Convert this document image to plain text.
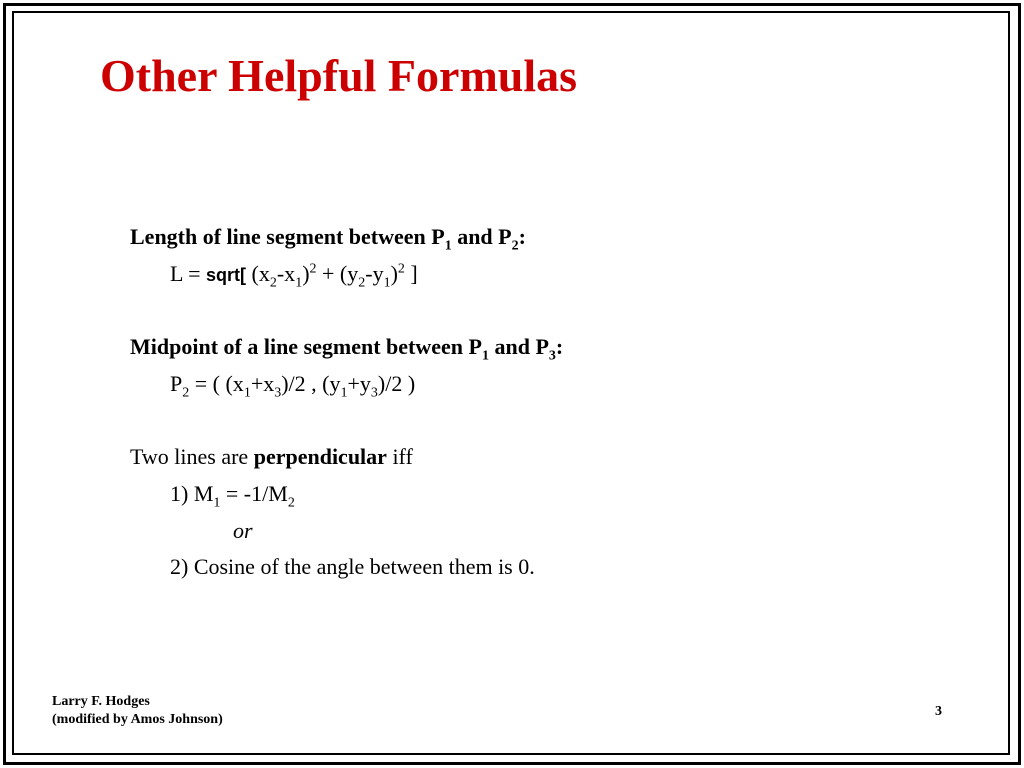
Other Helpful Formulas
Length of line segment between $P_1$ and $P_2$:
L = sqrt[ $(x_2-x_1)^2 + (y_2-y_1)^2$ ]
Midpoint of a line segment between $P_1$ and $P_3$:
$P_2$ = ( $(x_1+x_3)/2$ , $(y_1+y_3)/2$ )
Two lines are perpendicular iff
1) $M_1 = -1/M_2$
or
2) Cosine of the angle between them is 0.
Larry F. Hodges
(modified by Amos Johnson)
3
